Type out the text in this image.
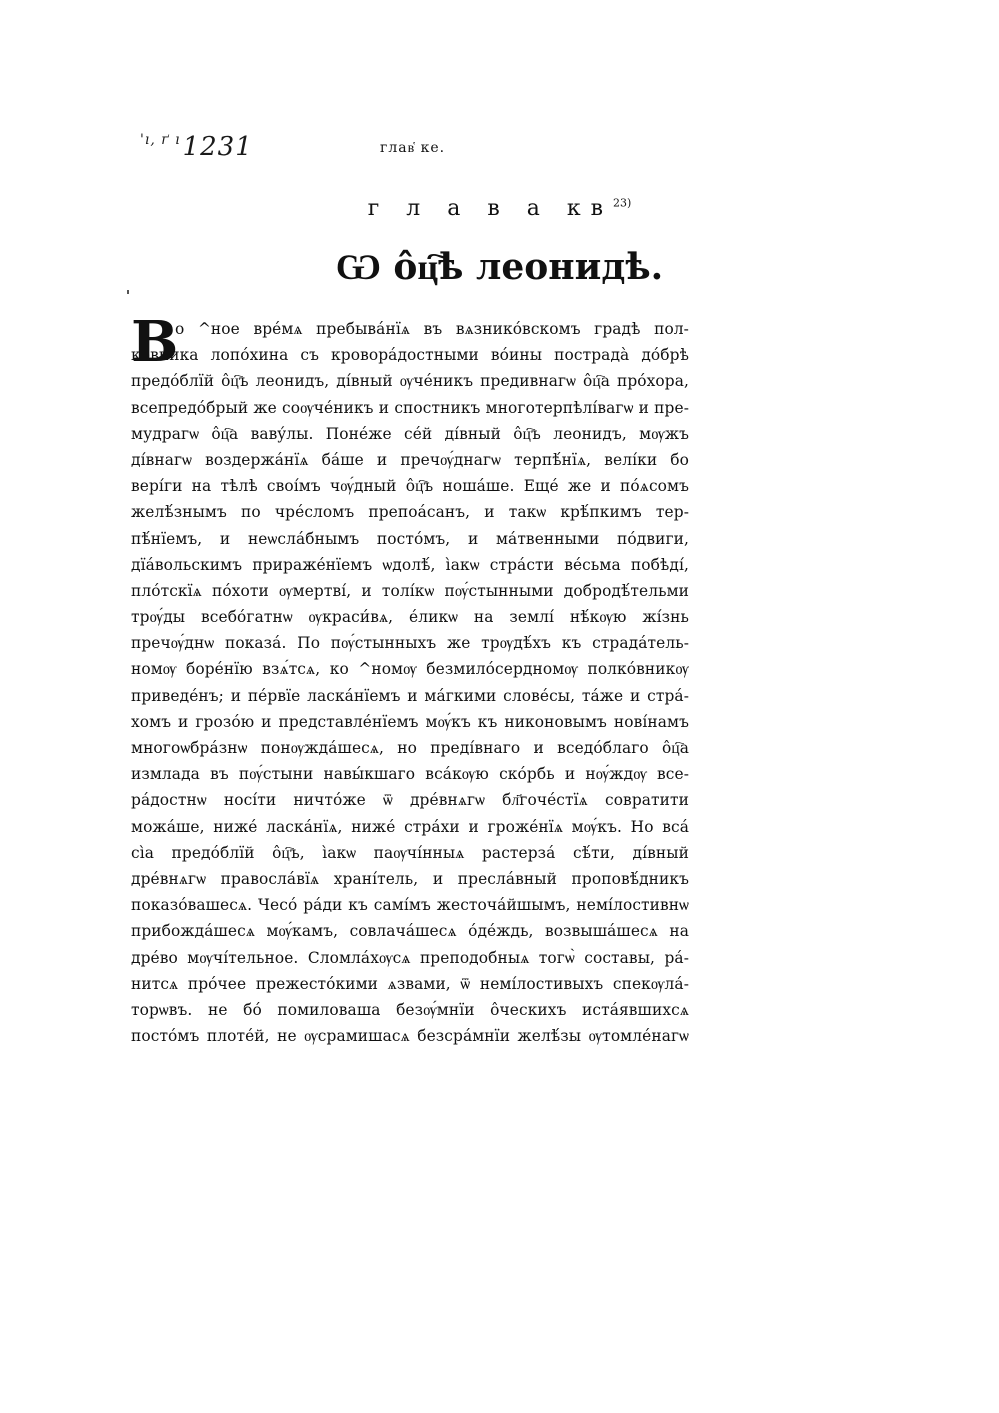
$^{'ı, ґ ı}$1231	глав҅ ке.
г л а в а $кв^{23)}$
Ѡ ôц҇ѣ леонидѣ.
В
о ^ное врéмѧ пребывáнїѧ въ вѧзникóвскомъ градѣ пол-
кóвника лопóхина съ кроворáдостными вóины пострада̀ дóбрѣ
предóблїй ôц҇ъ леонидъ, дíвный ѹчéникъ предивнагѡ ôц҇а прóхора,
всепредóбрый же соѹчéникъ и спостникъ многотерпѣлíвагѡ и пре-
мудрагѡ ôц҇а вавýлы. Понéже сéй дíвный ôц҇ъ леонидъ, мѹжъ
дíвнагѡ воздержáнїѧ бáше и пречѹ́днагѡ терпѣ́нїѧ, велíки бо
верíги на тѣлѣ своíмъ чѹ́дный ôц҇ъ ношáше. Ещé же и пóѧсомъ
желѣ́знымъ по чрéсломъ препоáсанъ, и такѡ крѣ́пкимъ тер-
пѣ́нїемъ, и неѡслáбнымъ постóмъ, и мáтвенными пóдвиги,
дїáвольскимъ приражéнїемъ ѡдолѣ́, ìакѡ стрáсти вéсьма побѣдí,
плóтскїѧ пóхоти ѹмертвí, и толíкѡ пѹ́стынными добродѣ́тельми
трѹ́ды всебóгатнѡ ѹкраси́вѧ, éликѡ на землí нѣ́кѹю жíзнь
пречѹ́днѡ показá. По пѹ́стынныхъ же трѹдѣ́хъ къ страдáтель-
номѹ борéнїю взѧ́тсѧ, ко ^номѹ безмилóсердномѹ полкóвникѹ
приведéнъ; и пéрвїе ласкáнїемъ и мáгкими словéсы, тáже и стрá-
хомъ и грозóю и представлéнїемъ мѹ́къ къ никоновымъ новíнамъ
многоѡбрáзнѡ понѹждáшесѧ, но предíвнаго и вседóблаго ôц҇а
измлада въ пѹ́стыни навы́кшаго всáкѹю скóрбь и нѹ́ждѹ все-
рáдостнѡ носíти ничтóже ѿ дрéвнѧгѡ бл҃гочéстїѧ совратити
можáше, нижé ласкáнїѧ, нижé стрáхи и грожéнїѧ мѹ́къ. Но всá
сìа предóблїй ôц҇ъ, ìакѡ паѹчíнныѧ растерзá сѣ́ти, дíвный
дрéвнѧгѡ правослáвїѧ хранíтель, и преслáвный проповѣ́дникъ
показóвашесѧ. Чесó рáди къ самíмъ жесточáйшымъ, немíлостивнѡ
прибождáшесѧ мѹ́камъ, совлачáшесѧ óдéждь, возвышáшесѧ на
дрéво мѹчíтельное. Сломлáхѹсѧ преподобныѧ тогѡ̀ составы, рá-
нитсѧ прóчее прежестóкими ѧзвами, ѿ немíлостивыхъ спекѹлá-
торѡвъ. не бó помиловаша безѹ́мнїи ôческихъ истáявшихсѧ
постóмъ плотéй, не ѹсрамишасѧ безсрáмнїи желѣ́зы ѹтомлéнагѡ
